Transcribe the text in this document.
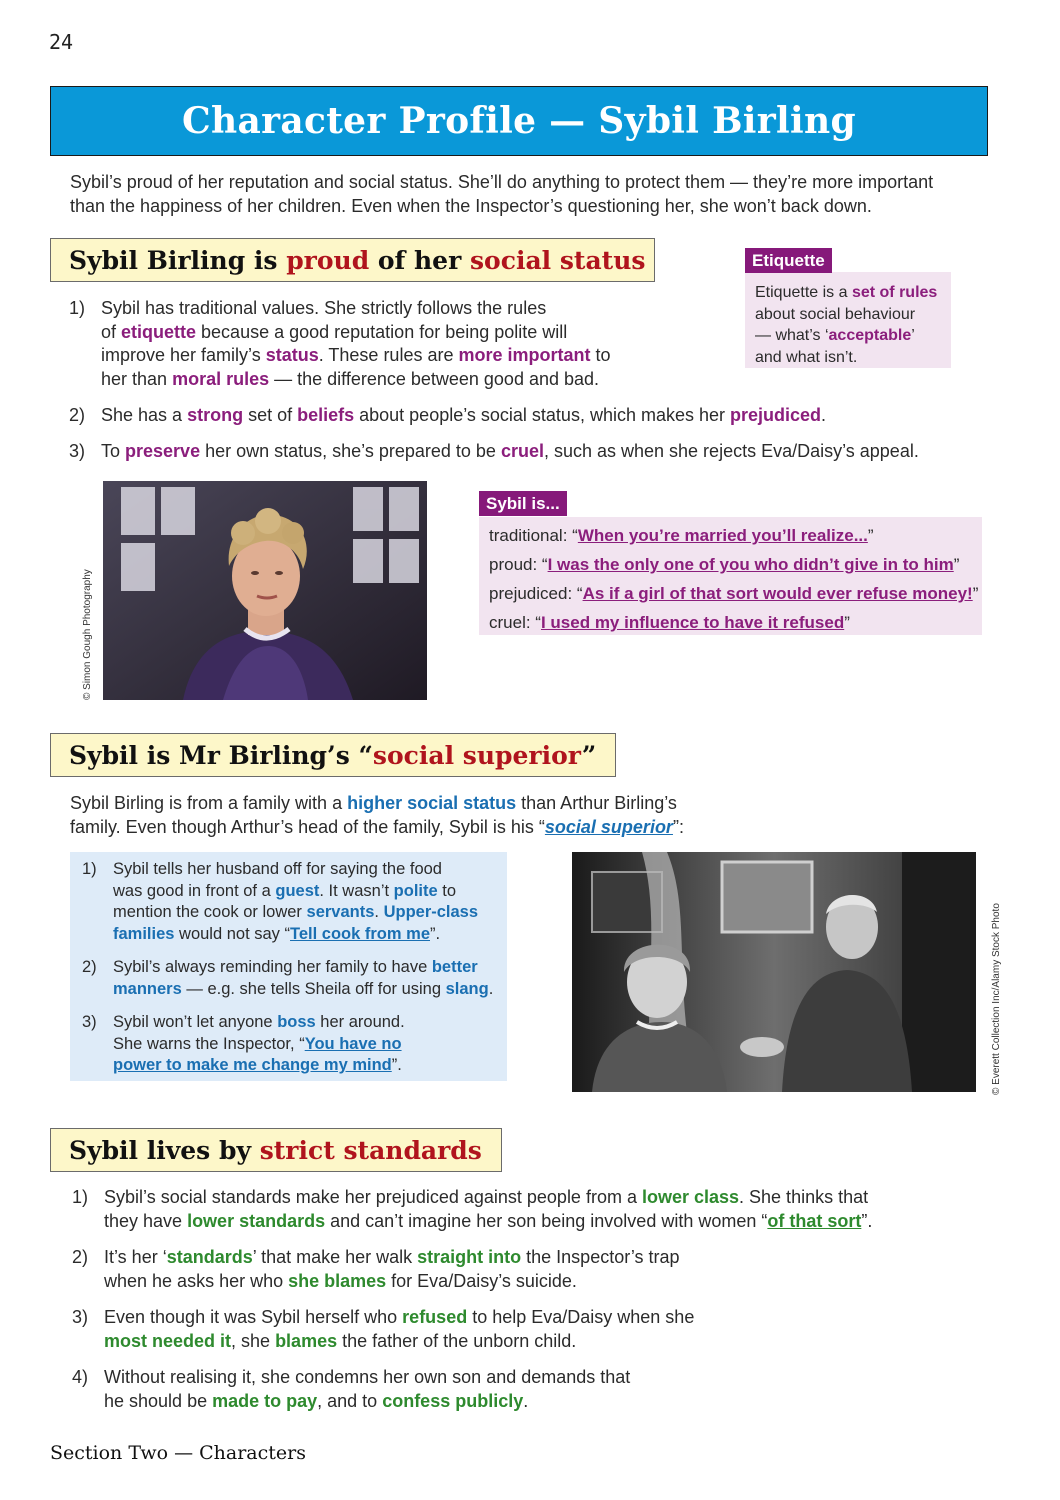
24
Character Profile — Sybil Birling
Sybil’s proud of her reputation and social status. She’ll do anything to protect them — they’re more important
than the happiness of her children. Even when the Inspector’s questioning her, she won’t back down.
Sybil Birling is proud of her social status
1) Sybil has traditional values. She strictly follows the rules
of etiquette because a good reputation for being polite will
improve her family’s status. These rules are more important to
her than moral rules — the difference between good and bad.
2) She has a strong set of beliefs about people’s social status, which makes her prejudiced.
3) To preserve her own status, she’s prepared to be cruel, such as when she rejects Eva/Daisy’s appeal.
Etiquette is a set of rules
about social behaviour
— what’s ‘acceptable’
and what isn’t.
Etiquette
© Simon Gough Photography
traditional: “When you’re married you’ll realize...”
proud: “I was the only one of you who didn’t give in to him”
prejudiced: “As if a girl of that sort would ever refuse money!”
cruel: “I used my influence to have it refused”
Sybil is...
Sybil is Mr Birling’s “social superior”
Sybil Birling is from a family with a higher social status than Arthur Birling’s
family. Even though Arthur’s head of the family, Sybil is his “social superior”:
1) Sybil tells her husband off for saying the food
was good in front of a guest. It wasn’t polite to
mention the cook or lower servants. Upper-class
families would not say “Tell cook from me”.
2) Sybil’s always reminding her family to have better
manners — e.g. she tells Sheila off for using slang.
3) Sybil won’t let anyone boss her around.
She warns the Inspector, “You have no
power to make me change my mind”.	© Everett Collection Inc/Alamy Stock Photo
Sybil lives by strict standards
1) Sybil’s social standards make her prejudiced against people from a lower class. She thinks that
they have lower standards and can’t imagine her son being involved with women “of that sort”.
2) It’s her ‘standards’ that make her walk straight into the Inspector’s trap
when he asks her who she blames for Eva/Daisy’s suicide.
3) Even though it was Sybil herself who refused to help Eva/Daisy when she
most needed it, she blames the father of the unborn child.
4) Without realising it, she condemns her own son and demands that
he should be made to pay, and to confess publicly.
Section Two — Characters
